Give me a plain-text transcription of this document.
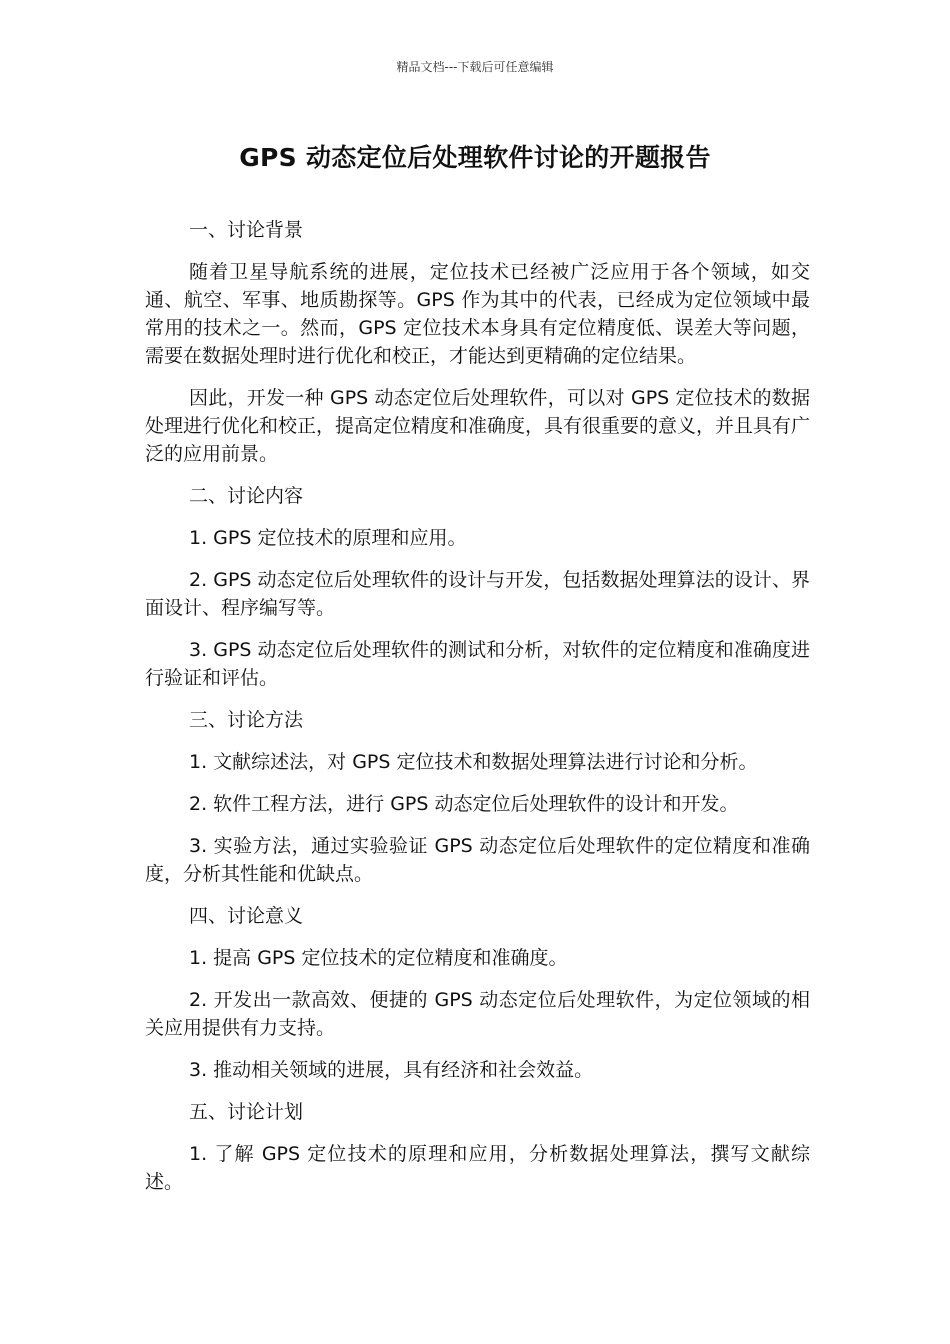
精品文档---下载后可任意编辑
GPS 动态定位后处理软件讨论的开题报告

一、讨论背景

随着卫星导航系统的进展，定位技术已经被广泛应用于各个领域，如交通、航空、军事、地质勘探等。GPS 作为其中的代表，已经成为定位领域中最常用的技术之一。然而，GPS 定位技术本身具有定位精度低、误差大等问题，需要在数据处理时进行优化和校正，才能达到更精确的定位结果。

因此，开发一种 GPS 动态定位后处理软件，可以对 GPS 定位技术的数据处理进行优化和校正，提高定位精度和准确度，具有很重要的意义，并且具有广泛的应用前景。

二、讨论内容

1. GPS 定位技术的原理和应用。

2. GPS 动态定位后处理软件的设计与开发，包括数据处理算法的设计、界面设计、程序编写等。

3. GPS 动态定位后处理软件的测试和分析，对软件的定位精度和准确度进行验证和评估。

三、讨论方法

1. 文献综述法，对 GPS 定位技术和数据处理算法进行讨论和分析。

2. 软件工程方法，进行 GPS 动态定位后处理软件的设计和开发。

3. 实验方法，通过实验验证 GPS 动态定位后处理软件的定位精度和准确度，分析其性能和优缺点。

四、讨论意义

1. 提高 GPS 定位技术的定位精度和准确度。

2. 开发出一款高效、便捷的 GPS 动态定位后处理软件，为定位领域的相关应用提供有力支持。

3. 推动相关领域的进展，具有经济和社会效益。

五、讨论计划

1. 了解 GPS 定位技术的原理和应用，分析数据处理算法，撰写文献综述。
